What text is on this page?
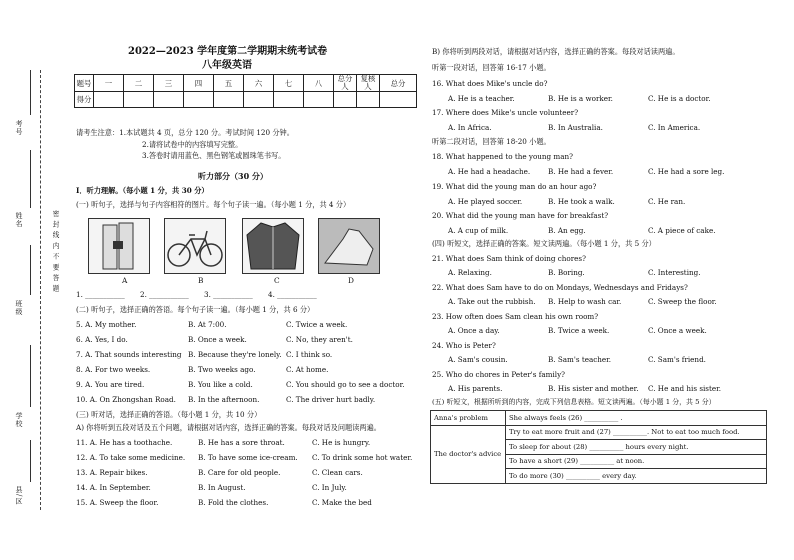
考号
姓名	密 封 线 内 不 要 答 题
班级
学校
县/区
2022—2023 学年度第二学期期末统考试卷
八年级英语
题号	一	二	三	四	五	六	七	八	总分人	复核人	总分
得分											
请考生注意：1.本试题共 4 页，总分 120 分。考试时间 120 分钟。
2.请将试卷中的内容填写完整。
3.答卷时请用蓝色、黑色钢笔或圆珠笔书写。
听力部分（30 分）
Ⅰ．听力理解。（每小题 1 分，共 30 分）
(一) 听句子，选择与句子内容相符的图片。每个句子读一遍。（每小题 1 分，共 4 分）
A	B	C	D
1. ___________ 2. ___________ 3. ___________ 4. ___________
(二) 听句子，选择正确的答语。每个句子读一遍。（每小题 1 分，共 6 分）
5. A. My mother.	B. At 7:00.	C. Twice a week.
6. A. Yes, I do.	B. Once a week.	C. No, they aren't.
7. A. That sounds interesting B. Because they're lonely. C. I think so.
8. A. For two weeks.	B. Two weeks ago.	C. At home.
9. A. You are tired.	B. You like a cold.	C. You should go to see a doctor.
10. A. On Zhongshan Road. B. In the afternoon.	C. The driver hurt badly.
(三) 听对话，选择正确的答语。（每小题 1 分，共 10 分）
A) 你将听到五段对话及五个问题，请根据对话内容，选择正确的答案。每段对话及问题读两遍。
11. A. He has a toothache.	B. He has a sore throat.	C. He is hungry.
12. A. To take some medicine. B. To have some ice-cream. C. To drink some hot water.
13. A. Repair bikes.	B. Care for old people.	C. Clean cars.
14. A. In September.	B. In August.	C. In July.
15. A. Sweep the floor.	B. Fold the clothes.	C. Make the bed
B) 你将听到两段对话，请根据对话内容，选择正确的答案。每段对话读两遍。
听第一段对话，回答第 16-17 小题。
16. What does Mike's uncle do?
A. He is a teacher.	B. He is a worker.	C. He is a doctor.
17. Where does Mike's uncle volunteer?
A. In Africa.	B. In Australia.	C. In America.
听第二段对话，回答第 18-20 小题。
18. What happened to the young man?
A. He had a headache. B. He had a fever.	C. He had a sore leg.
19. What did the young man do an hour ago?
A. He played soccer.	B. He took a walk.	C. He ran.
20. What did the young man have for breakfast?
A. A cup of milk.	B. An egg.	C. A piece of cake.
(四) 听短文，选择正确的答案。短文读两遍。（每小题 1 分，共 5 分）
21. What does Sam think of doing chores?
A. Relaxing.	B. Boring.	C. Interesting.
22. What does Sam have to do on Mondays, Wednesdays and Fridays?
A. Take out the rubbish. B. Help to wash car.	C. Sweep the floor.
23. How often does Sam clean his own room?
A. Once a day.	B. Twice a week.	C. Once a week.
24. Who is Peter?
A. Sam's cousin.	B. Sam's teacher.	C. Sam's friend.
25. Who do chores in Peter's family?
A. His parents.	B. His sister and mother. C. He and his sister.
(五) 听短文，根据所听到的内容，完成下列信息表格。短文读两遍。（每小题 1 分，共 5 分）
Anna's problem	She always feels (26) __________ .
The doctor's advice	Try to eat more fruit and (27) __________. Not to eat too much food.
	To sleep for about (28) __________ hours every night.
	To have a short (29) __________ at noon.
	To do more (30) __________ every day.
